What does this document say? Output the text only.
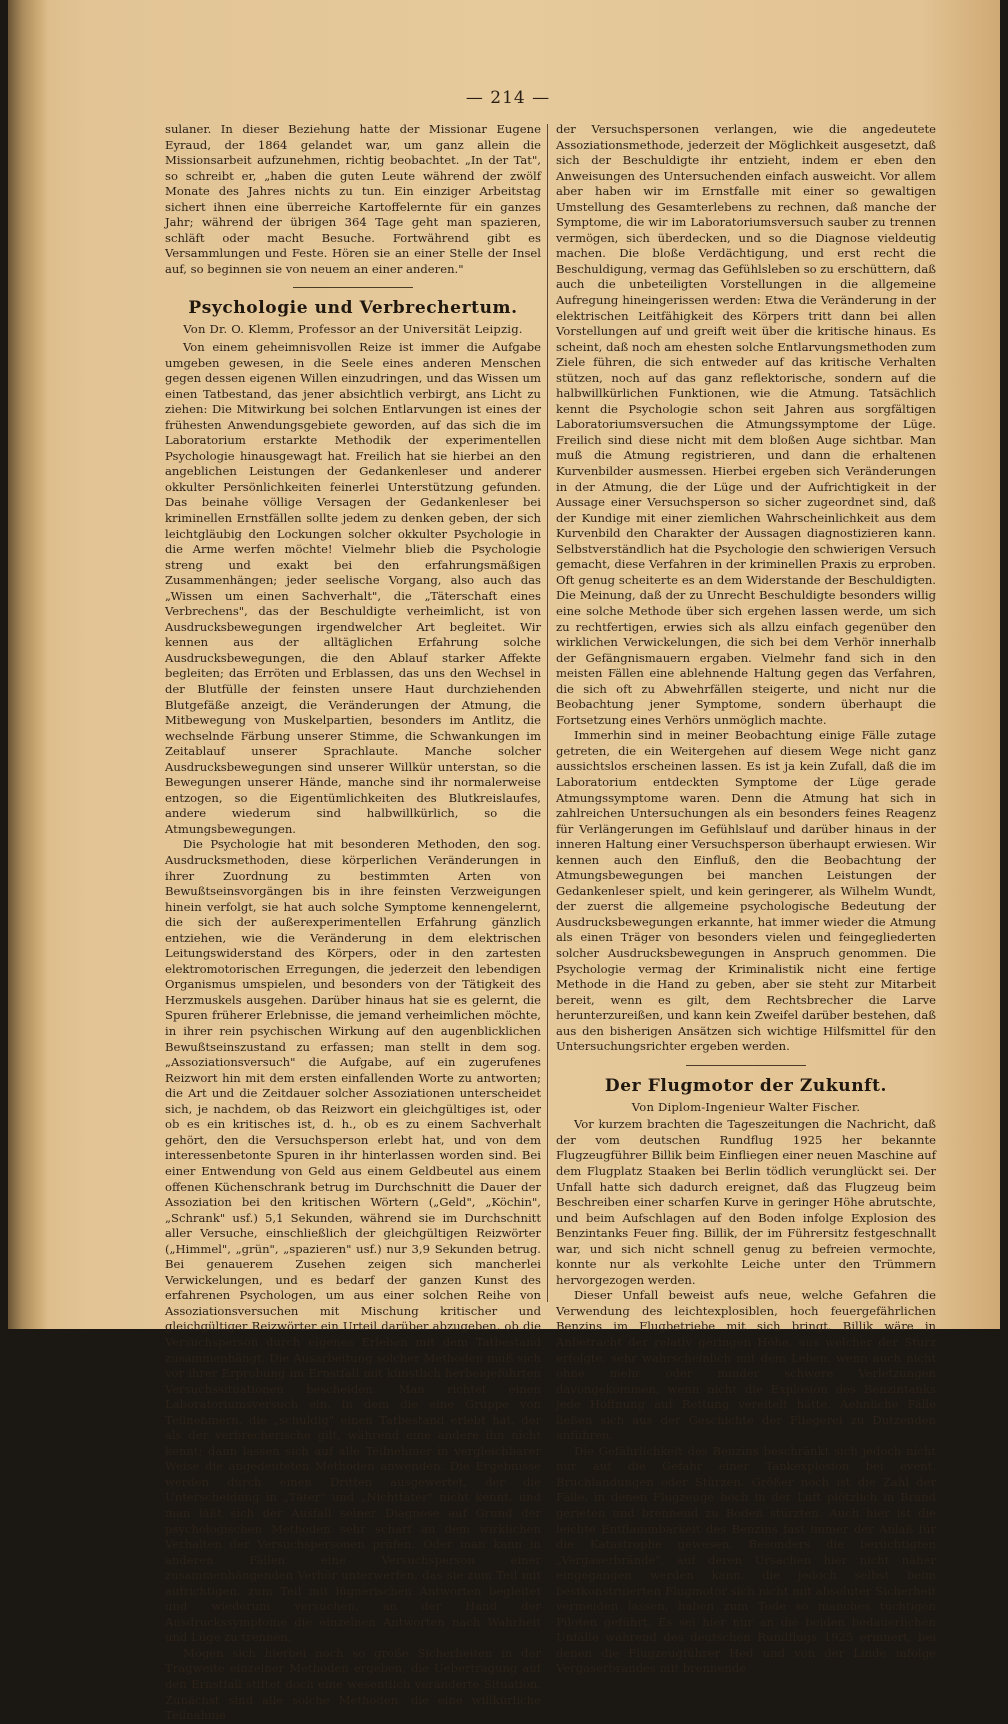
— 214 —

sulaner. In dieser Beziehung hatte der Missionar Eugene Eyraud, der 1864 gelandet war, um ganz allein die Missionsarbeit aufzunehmen, richtig beobachtet. „In der Tat", so schreibt er, „haben die guten Leute während der zwölf Monate des Jahres nichts zu tun. Ein einziger Arbeitstag sichert ihnen eine überreiche Kartoffelernte für ein ganzes Jahr; während der übrigen 364 Tage geht man spazieren, schläft oder macht Besuche. Fortwährend gibt es Versammlungen und Feste. Hören sie an einer Stelle der Insel auf, so beginnen sie von neuem an einer anderen."

Psychologie und Verbrechertum.
Von Dr. O. Klemm, Professor an der Universität Leipzig.

Von einem geheimnisvollen Reize ist immer die Aufgabe umgeben gewesen, in die Seele eines anderen Menschen gegen dessen eigenen Willen einzudringen, und das Wissen um einen Tatbestand, das jener absichtlich verbirgt, ans Licht zu ziehen: Die Mitwirkung bei solchen Entlarvungen ist eines der frühesten Anwendungsgebiete geworden, auf das sich die im Laboratorium erstarkte Methodik der experimentellen Psychologie hinausgewagt hat. Freilich hat sie hierbei an den angeblichen Leistungen der Gedankenleser und anderer okkulter Persönlichkeiten feinerlei Unterstützung gefunden. Das beinahe völlige Versagen der Gedankenleser bei kriminellen Ernstfällen sollte jedem zu denken geben, der sich leichtgläubig den Lockungen solcher okkulter Psychologie in die Arme werfen möchte! Vielmehr blieb die Psychologie streng und exakt bei den erfahrungsmäßigen Zusammenhängen; jeder seelische Vorgang, also auch das „Wissen um einen Sachverhalt", die „Täterschaft eines Verbrechens", das der Beschuldigte verheimlicht, ist von Ausdrucksbewegungen irgendwelcher Art begleitet. Wir kennen aus der alltäglichen Erfahrung solche Ausdrucksbewegungen, die den Ablauf starker Affekte begleiten; das Erröten und Erblassen, das uns den Wechsel in der Blutfülle der feinsten unsere Haut durchziehenden Blutgefäße anzeigt, die Veränderungen der Atmung, die Mitbewegung von Muskelpartien, besonders im Antlitz, die wechselnde Färbung unserer Stimme, die Schwankungen im Zeitablauf unserer Sprachlaute. Manche solcher Ausdrucksbewegungen sind unserer Willkür unterstan, so die Bewegungen unserer Hände, manche sind ihr normalerweise entzogen, so die Eigentümlichkeiten des Blutkreislaufes, andere wiederum sind halbwillkürlich, so die Atmungsbewegungen.

Die Psychologie hat mit besonderen Methoden, den sog. Ausdrucksmethoden, diese körperlichen Veränderungen in ihrer Zuordnung zu bestimmten Arten von Bewußtseinsvorgängen bis in ihre feinsten Verzweigungen hinein verfolgt, sie hat auch solche Symptome kennengelernt, die sich der außerexperimentellen Erfahrung gänzlich entziehen, wie die Veränderung in dem elektrischen Leitungswiderstand des Körpers, oder in den zartesten elektromotorischen Erregungen, die jederzeit den lebendigen Organismus umspielen, und besonders von der Tätigkeit des Herzmuskels ausgehen. Darüber hinaus hat sie es gelernt, die Spuren früherer Erlebnisse, die jemand verheimlichen möchte, in ihrer rein psychischen Wirkung auf den augenblicklichen Bewußtseinszustand zu erfassen; man stellt in dem sog. „Assoziationsversuch" die Aufgabe, auf ein zugerufenes Reizwort hin mit dem ersten einfallenden Worte zu antworten; die Art und die Zeitdauer solcher Assoziationen unterscheidet sich, je nachdem, ob das Reizwort ein gleichgültiges ist, oder ob es ein kritisches ist, d. h., ob es zu einem Sachverhalt gehört, den die Versuchsperson erlebt hat, und von dem interessenbetonte Spuren in ihr hinterlassen worden sind. Bei einer Entwendung von Geld aus einem Geldbeutel aus einem offenen Küchenschrank betrug im Durchschnitt die Dauer der Assoziation bei den kritischen Wörtern („Geld", „Köchin", „Schrank" usf.) 5,1 Sekunden, während sie im Durchschnitt aller Versuche, einschließlich der gleichgültigen Reizwörter („Himmel", „grün", „spazieren" usf.) nur 3,9 Sekunden betrug. Bei genauerem Zusehen zeigen sich mancherlei Verwickelungen, und es bedarf der ganzen Kunst des erfahrenen Psychologen, um aus einer solchen Reihe von Assoziationsversuchen mit Mischung kritischer und gleichgültiger Reizwörter ein Urteil darüber abzugeben, ob die Versuchsperson durch eigenes Erleben mit dem Tatbestand zusammenhängt. Die Ausarbeitung solcher Methoden muß sich vor ihrer Erprobung im Ernstfall mit künstlich herbeigeführten Versuchssituationen bescheiden. Man richtet einen Laboratoriumsversuch ein, in dem die eine Gruppe von Teilnehmern, die „schuldig" einen Tatbestand erlebt hat, der als der verbrecherische gilt, während eine andere ihn nicht kennt; dann lassen sich auf alle Teilnehmer in vergleichbarer Weise die angedeuteten Methoden anwenden. Die Ergebnisse werden durch einen Dritten ausgewertet, der die Unterscheidung in „Täter" und „Nichttäter" nicht kennt, und man läßt sich der Ausfall seiner Diagnose auf Grund der psychologischen Methoden sehr scharf an dem wirklichen Verhalten der Versuchspersonen prüfen. Oder man kann in anderen Fällen eine Versuchsperson einer zusammenhängenden Verhör unterwerfen, das sie zum Teil mit aufrichtigen, zum Teil mit lügnerischen Antworten begleitet und wiederum versuchen, an der Hand der Ausdruckssymptome die einzelnen Antworten nach Wahrheit und Lüge zu trennen.

Mögen sich hierbei noch so große Sicherheiten in der Tragweite einzelner Methoden ergeben, die Uebertragung auf den Ernstfall stiftet doch eine wesentlich veränderte Situation. Zunächst sind alle solche Methoden, die eine willkürliche Teilnahme

der Versuchspersonen verlangen, wie die angedeutete Assoziationsmethode, jederzeit der Möglichkeit ausgesetzt, daß sich der Beschuldigte ihr entzieht, indem er eben den Anweisungen des Untersuchenden einfach ausweicht. Vor allem aber haben wir im Ernstfalle mit einer so gewaltigen Umstellung des Gesamterlebens zu rechnen, daß manche der Symptome, die wir im Laboratoriumsversuch sauber zu trennen vermögen, sich überdecken, und so die Diagnose vieldeutig machen. Die bloße Verdächtigung, und erst recht die Beschuldigung, vermag das Gefühlsleben so zu erschüttern, daß auch die unbeteiligten Vorstellungen in die allgemeine Aufregung hineingerissen werden: Etwa die Veränderung in der elektrischen Leitfähigkeit des Körpers tritt dann bei allen Vorstellungen auf und greift weit über die kritische hinaus. Es scheint, daß noch am ehesten solche Entlarvungsmethoden zum Ziele führen, die sich entweder auf das kritische Verhalten stützen, noch auf das ganz reflektorische, sondern auf die halbwillkürlichen Funktionen, wie die Atmung. Tatsächlich kennt die Psychologie schon seit Jahren aus sorgfältigen Laboratoriumsversuchen die Atmungssymptome der Lüge. Freilich sind diese nicht mit dem bloßen Auge sichtbar. Man muß die Atmung registrieren, und dann die erhaltenen Kurvenbilder ausmessen. Hierbei ergeben sich Veränderungen in der Atmung, die der Lüge und der Aufrichtigkeit in der Aussage einer Versuchsperson so sicher zugeordnet sind, daß der Kundige mit einer ziemlichen Wahrscheinlichkeit aus dem Kurvenbild den Charakter der Aussagen diagnostizieren kann. Selbstverständlich hat die Psychologie den schwierigen Versuch gemacht, diese Verfahren in der kriminellen Praxis zu erproben. Oft genug scheiterte es an dem Widerstande der Beschuldigten. Die Meinung, daß der zu Unrecht Beschuldigte besonders willig eine solche Methode über sich ergehen lassen werde, um sich zu rechtfertigen, erwies sich als allzu einfach gegenüber den wirklichen Verwickelungen, die sich bei dem Verhör innerhalb der Gefängnismauern ergaben. Vielmehr fand sich in den meisten Fällen eine ablehnende Haltung gegen das Verfahren, die sich oft zu Abwehrfällen steigerte, und nicht nur die Beobachtung jener Symptome, sondern überhaupt die Fortsetzung eines Verhörs unmöglich machte.

Immerhin sind in meiner Beobachtung einige Fälle zutage getreten, die ein Weitergehen auf diesem Wege nicht ganz aussichtslos erscheinen lassen. Es ist ja kein Zufall, daß die im Laboratorium entdeckten Symptome der Lüge gerade Atmungssymptome waren. Denn die Atmung hat sich in zahlreichen Untersuchungen als ein besonders feines Reagenz für Verlängerungen im Gefühlslauf und darüber hinaus in der inneren Haltung einer Versuchsperson überhaupt erwiesen. Wir kennen auch den Einfluß, den die Beobachtung der Atmungsbewegungen bei manchen Leistungen der Gedankenleser spielt, und kein geringerer, als Wilhelm Wundt, der zuerst die allgemeine psychologische Bedeutung der Ausdrucksbewegungen erkannte, hat immer wieder die Atmung als einen Träger von besonders vielen und feingegliederten solcher Ausdrucksbewegungen in Anspruch genommen. Die Psychologie vermag der Kriminalistik nicht eine fertige Methode in die Hand zu geben, aber sie steht zur Mitarbeit bereit, wenn es gilt, dem Rechtsbrecher die Larve herunterzureißen, und kann kein Zweifel darüber bestehen, daß aus den bisherigen Ansätzen sich wichtige Hilfsmittel für den Untersuchungsrichter ergeben werden.

Der Flugmotor der Zukunft.
Von Diplom-Ingenieur Walter Fischer.

Vor kurzem brachten die Tageszeitungen die Nachricht, daß der vom deutschen Rundflug 1925 her bekannte Flugzeugführer Billik beim Einfliegen einer neuen Maschine auf dem Flugplatz Staaken bei Berlin tödlich verunglückt sei. Der Unfall hatte sich dadurch ereignet, daß das Flugzeug beim Beschreiben einer scharfen Kurve in geringer Höhe abrutschte, und beim Aufschlagen auf den Boden infolge Explosion des Benzintanks Feuer fing. Billik, der im Führersitz festgeschnallt war, und sich nicht schnell genug zu befreien vermochte, konnte nur als verkohlte Leiche unter den Trümmern hervorgezogen werden.

Dieser Unfall beweist aufs neue, welche Gefahren die Verwendung des leichtexplosiblen, hoch feuergefährlichen Benzins im Flugbetriebe mit sich bringt. Billik wäre in Anbetracht der relativ geringen Höhe, aus welcher der Sturz erfolgte, sehr wahrscheinlich mit dem Leben, wenn auch nicht ohne mehr oder minder schwere Verletzungen davongekommen, wenn nicht die Explosion des Benzintanks jede Hoffnung auf Rettung vereitelt hätte. Aehnliche Fälle ließen sich aus der Geschichte der Fliegerei zu Dutzenden anführen.

Die Gefährlichkeit des Benzins beschränkt sich jedoch nicht nur auf die Gefahr einer Tankexplosion bei event. Bruchlandungen oder Stürzen. Größer noch ist die Zahl der Fälle, in denen Flugzeuge hoch in der Luft plötzlich in Brand gerieten und brennend zu Boden stürzten. Auch hier ist die leichte Entflammbarkeit des Benzins fast immer der Anlaß für die Katastrophe gewesen. Besonders die berüchtigten „Vergaserbrände", auf deren Ursachen hier nicht näher eingegangen werden kann, die jedoch selbst beim bestkonstruierten Flugmotor sich nicht mit absoluter Sicherheit vermeiden lassen, haben zum Tode so manches tüchtigen Piloten geführt. Es sei hier nur an die beiden bedauerlichen Unfälle während des deutschen Rundflugs 1925 erinnert, bei denen die Flugzeugführer Hed und von der Linde infolge Vergaserbrandes mit brennende
